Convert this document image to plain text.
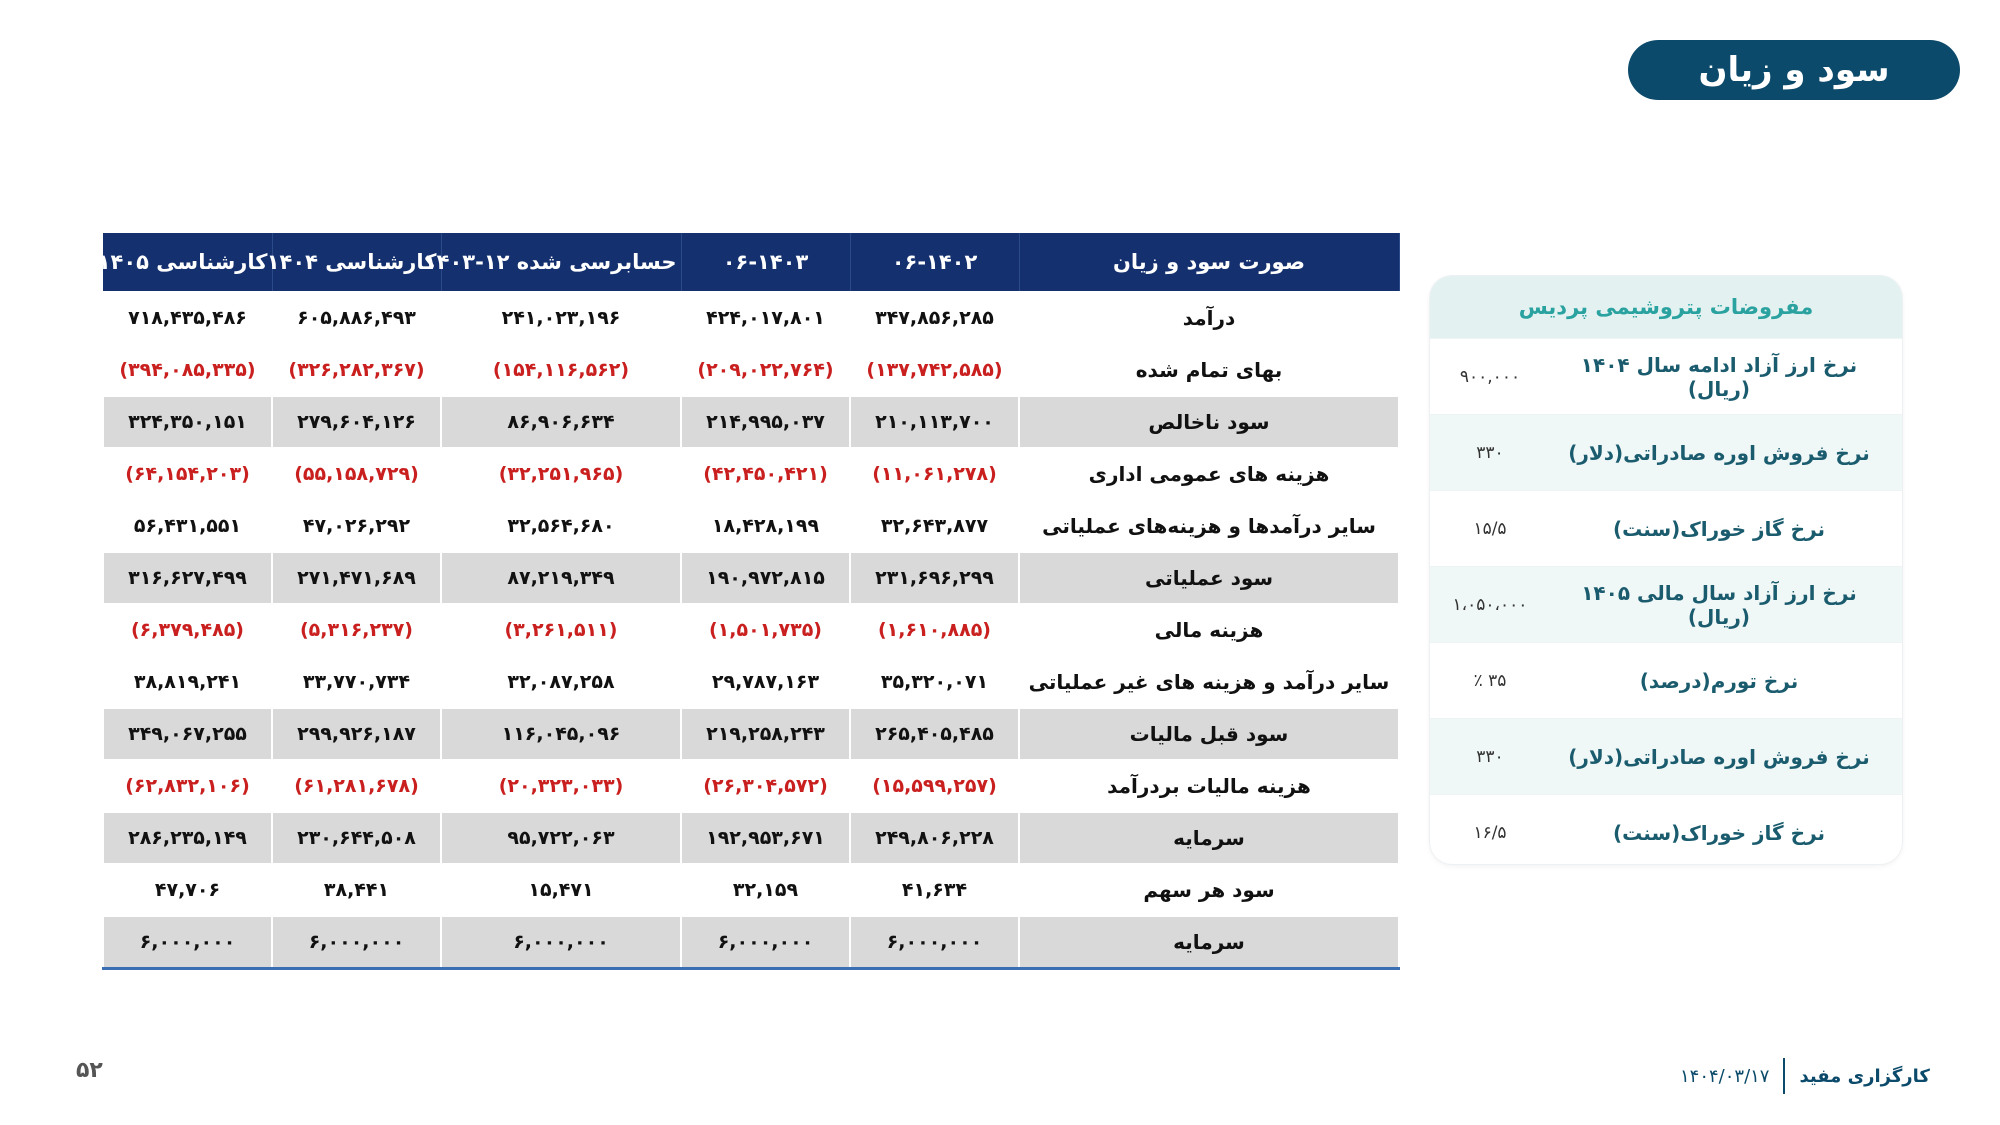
سود و زیان
کارشناسی ۱۴۰۵	کارشناسی ۱۴۰۴	حسابرسی شده ۱۲-۱۴۰۳	۰۶-۱۴۰۳	۰۶-۱۴۰۲	صورت سود و زیان
۷۱۸,۴۳۵,۴۸۶	۶۰۵,۸۸۶,۴۹۳	۲۴۱,۰۲۳,۱۹۶	۴۲۴,۰۱۷,۸۰۱	۳۴۷,۸۵۶,۲۸۵	درآمد
(۳۹۴,۰۸۵,۳۳۵)	(۳۲۶,۲۸۲,۳۶۷)	(۱۵۴,۱۱۶,۵۶۲)	(۲۰۹,۰۲۲,۷۶۴)	(۱۳۷,۷۴۲,۵۸۵)	بهای تمام شده
۳۲۴,۳۵۰,۱۵۱	۲۷۹,۶۰۴,۱۲۶	۸۶,۹۰۶,۶۳۴	۲۱۴,۹۹۵,۰۳۷	۲۱۰,۱۱۳,۷۰۰	سود ناخالص
(۶۴,۱۵۴,۲۰۳)	(۵۵,۱۵۸,۷۲۹)	(۳۲,۲۵۱,۹۶۵)	(۴۲,۴۵۰,۴۲۱)	(۱۱,۰۶۱,۲۷۸)	هزینه های عمومی اداری
۵۶,۴۳۱,۵۵۱	۴۷,۰۲۶,۲۹۲	۳۲,۵۶۴,۶۸۰	۱۸,۴۲۸,۱۹۹	۳۲,۶۴۳,۸۷۷	سایر درآمدها و هزینه‌های عملیاتی
۳۱۶,۶۲۷,۴۹۹	۲۷۱,۴۷۱,۶۸۹	۸۷,۲۱۹,۳۴۹	۱۹۰,۹۷۲,۸۱۵	۲۳۱,۶۹۶,۲۹۹	سود عملیاتی
(۶,۳۷۹,۴۸۵)	(۵,۳۱۶,۲۳۷)	(۳,۲۶۱,۵۱۱)	(۱,۵۰۱,۷۳۵)	(۱,۶۱۰,۸۸۵)	هزینه مالی
۳۸,۸۱۹,۲۴۱	۳۳,۷۷۰,۷۳۴	۳۲,۰۸۷,۲۵۸	۲۹,۷۸۷,۱۶۳	۳۵,۳۲۰,۰۷۱	سایر درآمد و هزینه های غیر عملیاتی
۳۴۹,۰۶۷,۲۵۵	۲۹۹,۹۲۶,۱۸۷	۱۱۶,۰۴۵,۰۹۶	۲۱۹,۲۵۸,۲۴۳	۲۶۵,۴۰۵,۴۸۵	سود قبل مالیات
(۶۲,۸۳۲,۱۰۶)	(۶۱,۲۸۱,۶۷۸)	(۲۰,۳۲۳,۰۳۳)	(۲۶,۳۰۴,۵۷۲)	(۱۵,۵۹۹,۲۵۷)	هزینه مالیات بردرآمد
۲۸۶,۲۳۵,۱۴۹	۲۳۰,۶۴۴,۵۰۸	۹۵,۷۲۲,۰۶۳	۱۹۲,۹۵۳,۶۷۱	۲۴۹,۸۰۶,۲۲۸	سرمایه
۴۷,۷۰۶	۳۸,۴۴۱	۱۵,۴۷۱	۳۲,۱۵۹	۴۱,۶۳۴	سود هر سهم
۶,۰۰۰,۰۰۰	۶,۰۰۰,۰۰۰	۶,۰۰۰,۰۰۰	۶,۰۰۰,۰۰۰	۶,۰۰۰,۰۰۰	سرمایه
مفروضات پتروشیمی پردیس
۹۰۰,۰۰۰	نرخ ارز آزاد ادامه سال ۱۴۰۴ (ریال)
۳۳۰	نرخ فروش اوره صادراتی(دلار)
۱۵/۵	نرخ گاز خوراک(سنت)
۱،۰۵۰،۰۰۰	نرخ ارز آزاد سال مالی ۱۴۰۵ (ریال)
٪ ۳۵	نرخ تورم(درصد)
۳۳۰	نرخ فروش اوره صادراتی(دلار)
۱۶/۵	نرخ گاز خوراک(سنت)
۵۲	کارگزاری مفید
۱۴۰۴/۰۳/۱۷
